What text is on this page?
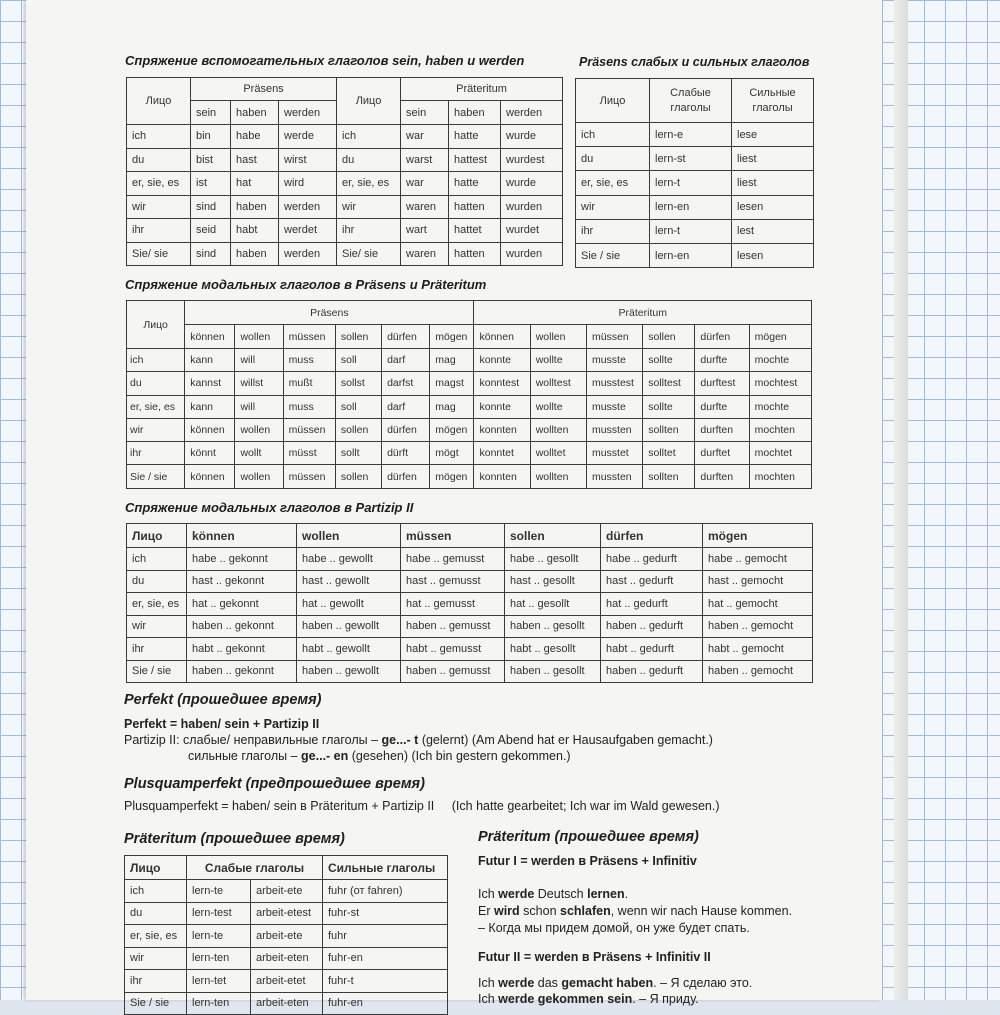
Спряжение вспомогательных глаголов sein, haben и werden	Präsens слабых и сильных глаголов
Лицо	Präsens			Лицо	Präteritum		
	sein	haben	werden		sein	haben	werden
ich	bin	habe	werde	ich	war	hatte	wurde
du	bist	hast	wirst	du	warst	hattest	wurdest
er, sie, es	ist	hat	wird	er, sie, es	war	hatte	wurde
wir	sind	haben	werden	wir	waren	hatten	wurden
ihr	seid	habt	werdet	ihr	wart	hattet	wurdet
Sie/ sie	sind	haben	werden	Sie/ sie	waren	hatten	wurden
Лицо	Слабые глаголы	Сильные глаголы
ich	lern-e	lese
du	lern-st	liest
er, sie, es	lern-t	liest
wir	lern-en	lesen
ihr	lern-t	lest
Sie / sie	lern-en	lesen
Спряжение модальных глаголов в Präsens и Präteritum
Лицо	Präsens						Präteritum					
	können	wollen	müssen	sollen	dürfen	mögen	können	wollen	müssen	sollen	dürfen	mögen
ich	kann	will	muss	soll	darf	mag	konnte	wollte	musste	sollte	durfte	mochte
du	kannst	willst	mußt	sollst	darfst	magst	konntest	wolltest	musstest	solltest	durftest	mochtest
er, sie, es	kann	will	muss	soll	darf	mag	konnte	wollte	musste	sollte	durfte	mochte
wir	können	wollen	müssen	sollen	dürfen	mögen	konnten	wollten	mussten	sollten	durften	mochten
ihr	könnt	wollt	müsst	sollt	dürft	mögt	konntet	wolltet	musstet	solltet	durftet	mochtet
Sie / sie	können	wollen	müssen	sollen	dürfen	mögen	konnten	wollten	mussten	sollten	durften	mochten
Спряжение модальных глаголов в Partizip II
Лицо	können	wollen	müssen	sollen	dürfen	mögen
ich	habe .. gekonnt	habe .. gewollt	habe .. gemusst	habe .. gesollt	habe .. gedurft	habe .. gemocht
du	hast .. gekonnt	hast .. gewollt	hast .. gemusst	hast .. gesollt	hast .. gedurft	hast .. gemocht
er, sie, es	hat .. gekonnt	hat .. gewollt	hat .. gemusst	hat .. gesollt	hat .. gedurft	hat .. gemocht
wir	haben .. gekonnt	haben .. gewollt	haben .. gemusst	haben .. gesollt	haben .. gedurft	haben .. gemocht
ihr	habt .. gekonnt	habt .. gewollt	habt .. gemusst	habt .. gesollt	habt .. gedurft	habt .. gemocht
Sie / sie	haben .. gekonnt	haben .. gewollt	haben .. gemusst	haben .. gesollt	haben .. gedurft	haben .. gemocht
Perfekt (прошедшее время)
Perfekt = haben/ sein + Partizip II
Partizip II: слабые/ неправильные глаголы – ge...- t (gelernt) (Am Abend hat er Hausaufgaben gemacht.)
сильные глаголы – ge...- en (gesehen) (Ich bin gestern gekommen.)
Plusquamperfekt (предпрошедшее время)
Plusquamperfekt = haben/ sein в Präteritum + Partizip II (Ich hatte gearbeitet; Ich war im Wald gewesen.)
Präteritum (прошедшее время)
Лицо	Слабые глаголы		Сильные глаголы
ich	lern-te	arbeit-ete	fuhr (от fahren)
du	lern-test	arbeit-etest	fuhr-st
er, sie, es	lern-te	arbeit-ete	fuhr
wir	lern-ten	arbeit-eten	fuhr-en
ihr	lern-tet	arbeit-etet	fuhr-t
Sie / sie	lern-ten	arbeit-eten	fuhr-en
Präteritum (прошедшее время)
Futur I = werden в Präsens + Infinitiv
Ich werde Deutsch lernen.
Er wird schon schlafen, wenn wir nach Hause kommen.
– Когда мы придем домой, он уже будет спать.
Futur II = werden в Präsens + Infinitiv II
Ich werde das gemacht haben. – Я сделаю это.
Ich werde gekommen sein. – Я приду.
